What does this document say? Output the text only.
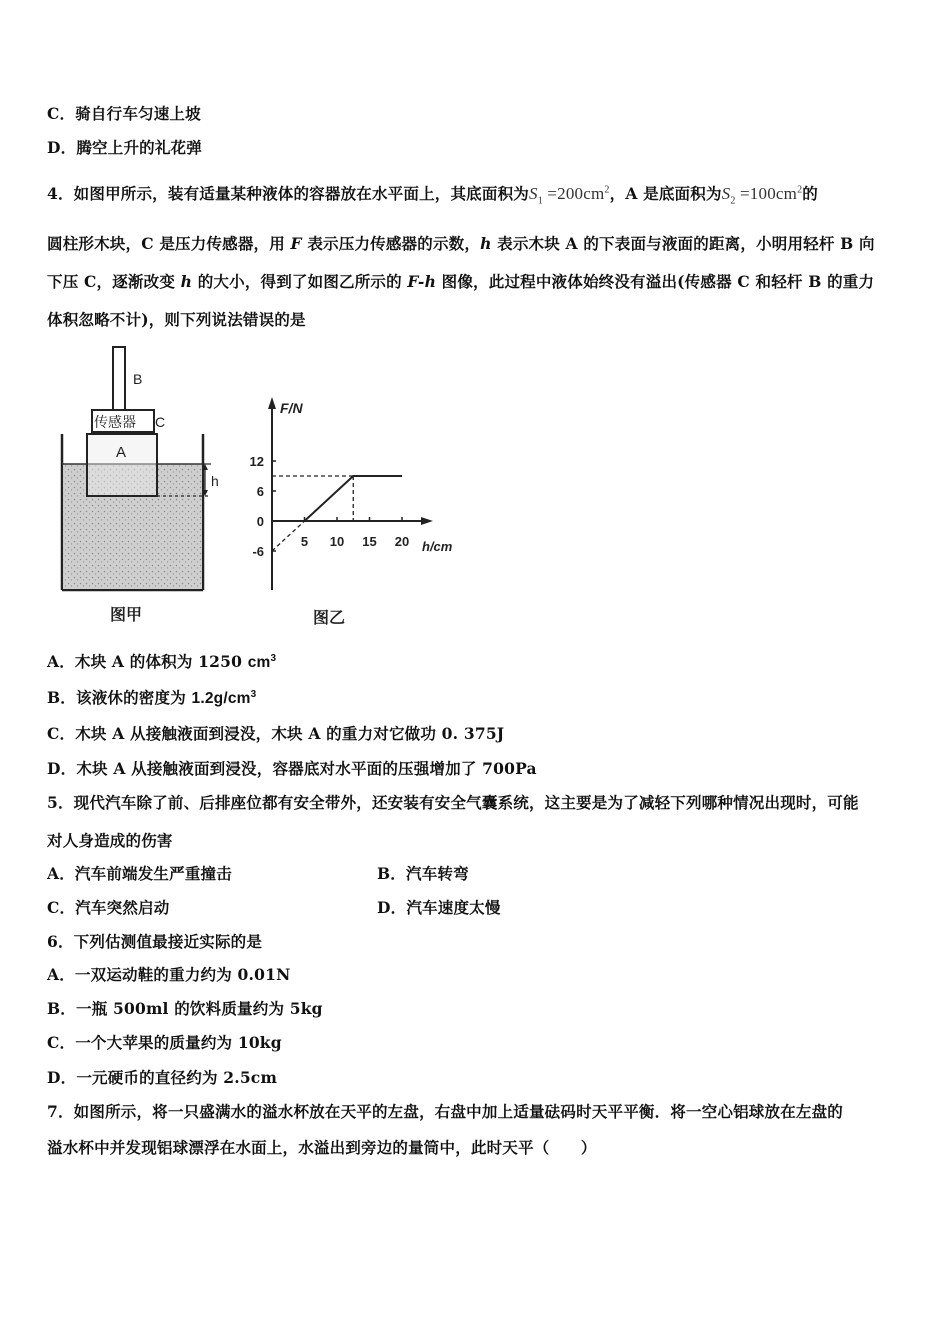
C．骑自行车匀速上坡
D．腾空上升的礼花弹
4．如图甲所示，装有适量某种液体的容器放在水平面上，其底面积为$S_1 =200cm^2$，A 是底面积为$S_2 =100cm^2$的
圆柱形木块，C 是压力传感器，用 F 表示压力传感器的示数，h 表示木块 A 的下表面与液面的距离，小明用轻杆 B 向
下压 C，逐渐改变 h 的大小，得到了如图乙所示的 F-h 图像，此过程中液体始终没有溢出(传感器 C 和轻杆 B 的重力
体积忽略不计)，则下列说法错误的是
B
传感器 C
A
h
图甲
F/N
h/cm
12
6
0
-6
5 10 15 20
图乙
A．木块 A 的体积为 1250 $cm^3$
B．该液休的密度为 $1.2g/cm^3$
C．木块 A 从接触液面到浸没，木块 A 的重力对它做功 0. 375J
D．木块 A 从接触液面到浸没，容器底对水平面的压强增加了 700Pa
5．现代汽车除了前、后排座位都有安全带外，还安装有安全气囊系统，这主要是为了减轻下列哪种情况出现时，可能
对人身造成的伤害
A．汽车前端发生严重撞击	B．汽车转弯
C．汽车突然启动	D．汽车速度太慢
6．下列估测值最接近实际的是
A．一双运动鞋的重力约为 0.01N
B．一瓶 500ml 的饮料质量约为 5kg
C．一个大苹果的质量约为 10kg
D．一元硬币的直径约为 2.5cm
7．如图所示，将一只盛满水的溢水杯放在天平的左盘，右盘中加上适量砝码时天平平衡．将一空心铝球放在左盘的
溢水杯中并发现铝球漂浮在水面上，水溢出到旁边的量筒中，此时天平（　　）
